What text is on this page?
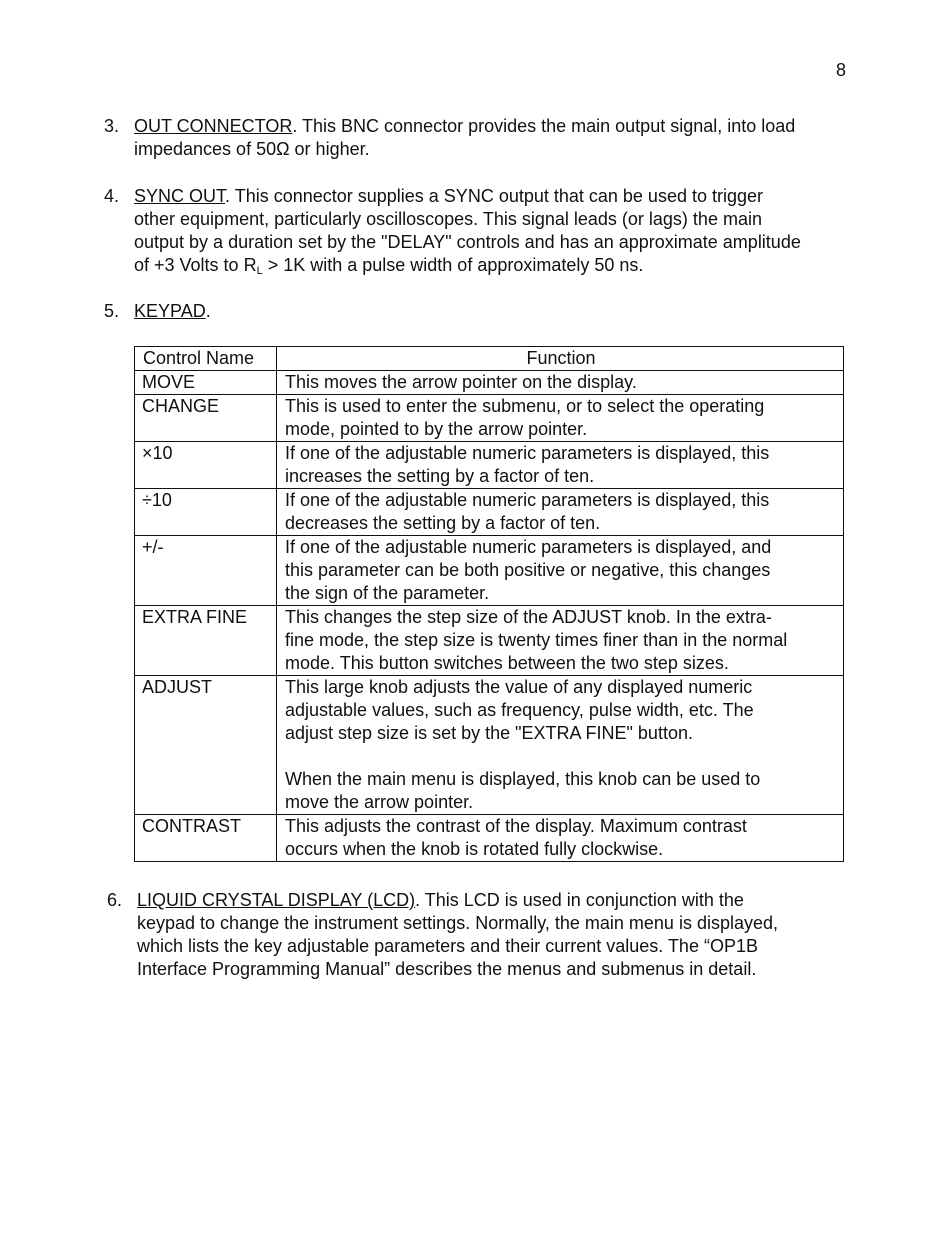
8
3. OUT CONNECTOR. This BNC connector provides the main output signal, into load
impedances of 50Ω or higher.
4. SYNC OUT. This connector supplies a SYNC output that can be used to trigger
other equipment, particularly oscilloscopes. This signal leads (or lags) the main
output by a duration set by the "DELAY" controls and has an approximate amplitude
of +3 Volts to $R_L > 1K$ with a pulse width of approximately 50 ns.
5. KEYPAD.
Control Name	Function
MOVE	This moves the arrow pointer on the display.

CHANGE	This is used to enter the submenu, or to select the operating
mode, pointed to by the arrow pointer.

×10	If one of the adjustable numeric parameters is displayed, this
increases the setting by a factor of ten.

÷10	If one of the adjustable numeric parameters is displayed, this
decreases the setting by a factor of ten.

+/-	If one of the adjustable numeric parameters is displayed, and
this parameter can be both positive or negative, this changes
the sign of the parameter.

EXTRA FINE	This changes the step size of the ADJUST knob. In the extra-
fine mode, the step size is twenty times finer than in the normal
mode. This button switches between the two step sizes.

ADJUST	This large knob adjusts the value of any displayed numeric
adjustable values, such as frequency, pulse width, etc. The
adjust step size is set by the "EXTRA FINE" button.
When the main menu is displayed, this knob can be used to
move the arrow pointer.

CONTRAST	This adjusts the contrast of the display. Maximum contrast
occurs when the knob is rotated fully clockwise.
6. LIQUID CRYSTAL DISPLAY (LCD). This LCD is used in conjunction with the
keypad to change the instrument settings. Normally, the main menu is displayed,
which lists the key adjustable parameters and their current values. The “OP1B
Interface Programming Manual” describes the menus and submenus in detail.
